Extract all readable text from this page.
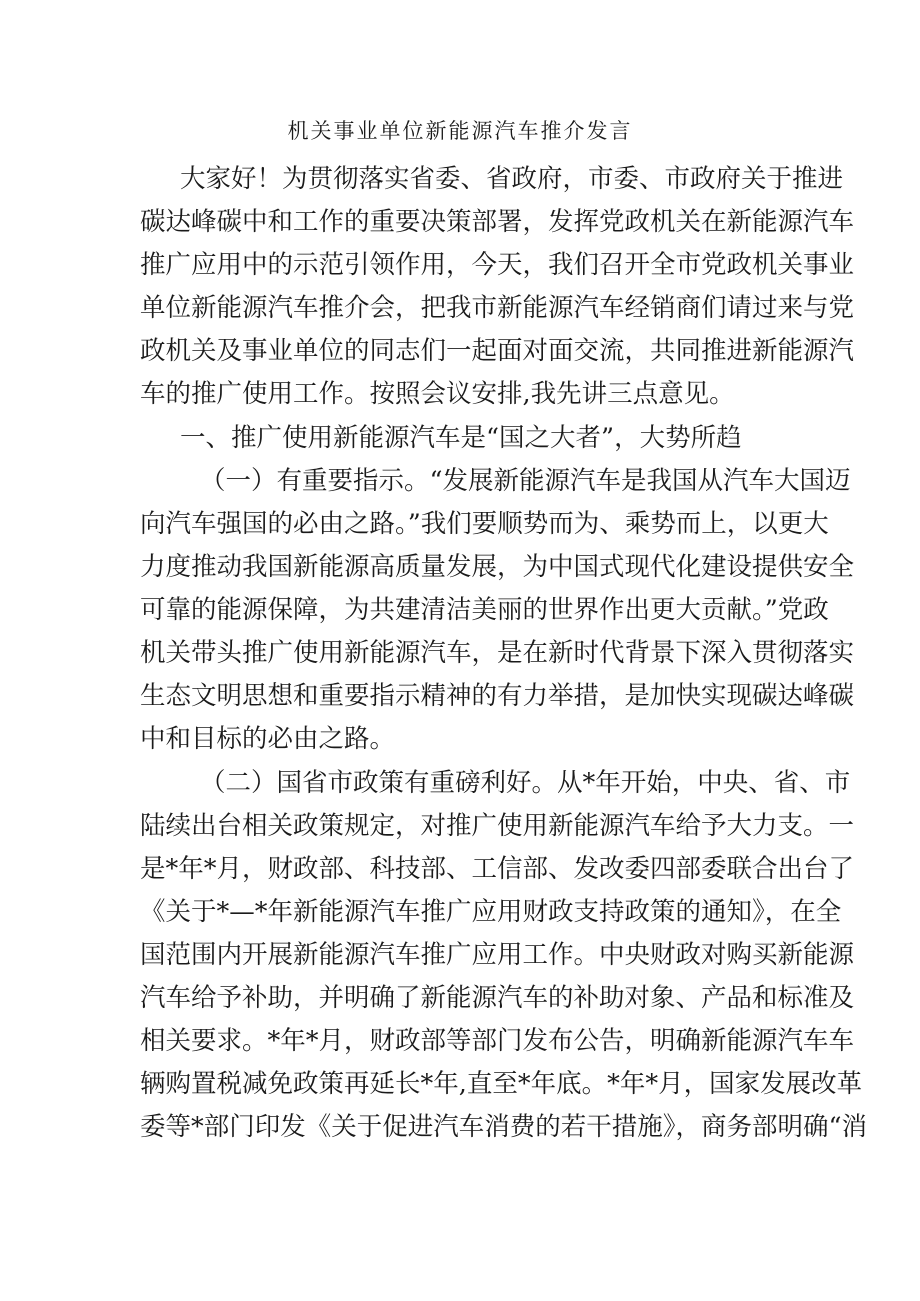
机关事业单位新能源汽车推介发言

大家好！为贯彻落实省委、省政府，市委、市政府关于推进

碳达峰碳中和工作的重要决策部署，发挥党政机关在新能源汽车

推广应用中的示范引领作用，今天，我们召开全市党政机关事业

单位新能源汽车推介会，把我市新能源汽车经销商们请过来与党

政机关及事业单位的同志们一起面对面交流，共同推进新能源汽

车的推广使用工作。按照会议安排,我先讲三点意见。

一、推广使用新能源汽车是“国之大者”，大势所趋

（一）有重要指示。“发展新能源汽车是我国从汽车大国迈

向汽车强国的必由之路。”我们要顺势而为、乘势而上，以更大

力度推动我国新能源高质量发展，为中国式现代化建设提供安全

可靠的能源保障，为共建清洁美丽的世界作出更大贡献。”党政

机关带头推广使用新能源汽车，是在新时代背景下深入贯彻落实

生态文明思想和重要指示精神的有力举措，是加快实现碳达峰碳

中和目标的必由之路。

（二）国省市政策有重磅利好。从*年开始，中央、省、市

陆续出台相关政策规定，对推广使用新能源汽车给予大力支。一

是*年*月，财政部、科技部、工信部、发改委四部委联合出台了

《关于*—*年新能源汽车推广应用财政支持政策的通知》，在全

国范围内开展新能源汽车推广应用工作。中央财政对购买新能源

汽车给予补助，并明确了新能源汽车的补助对象、产品和标准及

相关要求。*年*月，财政部等部门发布公告，明确新能源汽车车

辆购置税减免政策再延长*年,直至*年底。*年*月，国家发展改革

委等*部门印发《关于促进汽车消费的若干措施》，商务部明确“消
